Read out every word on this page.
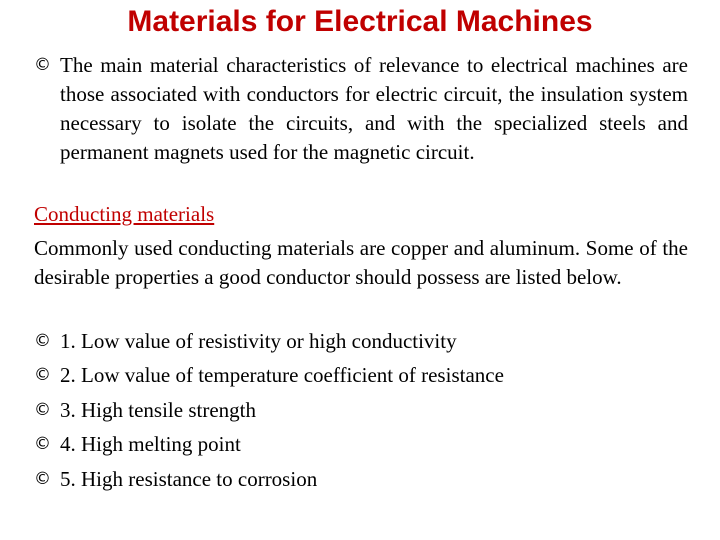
Materials for Electrical Machines
© The main material characteristics of relevance to electrical machines are those associated with conductors for electric circuit, the insulation system necessary to isolate the circuits, and with the specialized steels and permanent magnets used for the magnetic circuit.
Conducting materials

Commonly used conducting materials are copper and aluminum. Some of the desirable properties a good conductor should possess are listed below.

© 1. Low value of resistivity or high conductivity
© 2. Low value of temperature coefficient of resistance
© 3. High tensile strength
© 4. High melting point
© 5. High resistance to corrosion
